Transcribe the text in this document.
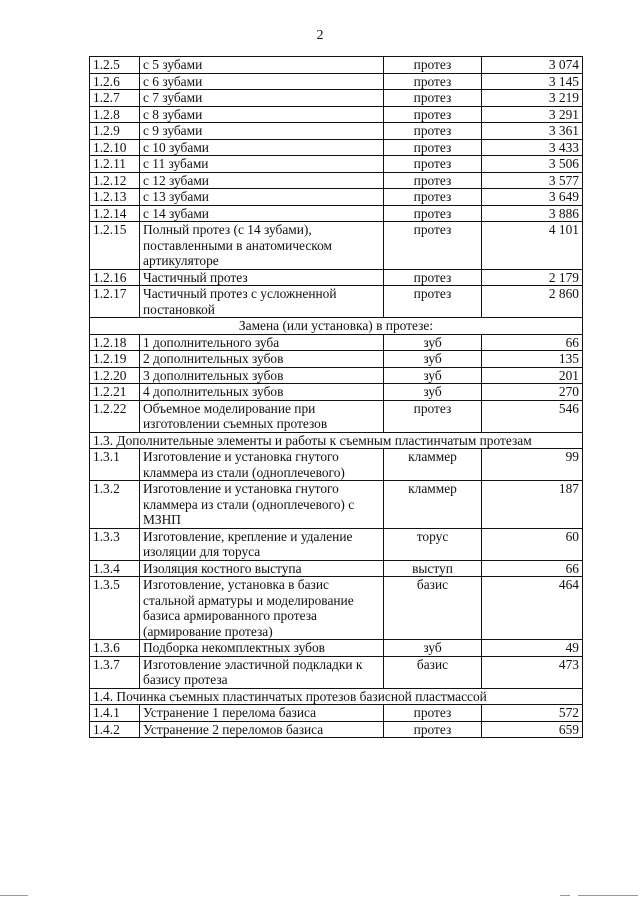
2
1.2.5	с 5 зубами	протез	3 074
1.2.6	с 6 зубами	протез	3 145
1.2.7	с 7 зубами	протез	3 219
1.2.8	с 8 зубами	протез	3 291
1.2.9	с 9 зубами	протез	3 361
1.2.10	с 10 зубами	протез	3 433
1.2.11	с 11 зубами	протез	3 506
1.2.12	с 12 зубами	протез	3 577
1.2.13	с 13 зубами	протез	3 649
1.2.14	с 14 зубами	протез	3 886
1.2.15	Полный протез (с 14 зубами), поставленными в анатомическом артикуляторе	протез	4 101
1.2.16	Частичный протез	протез	2 179
1.2.17	Частичный протез с усложненной постановкой	протез	2 860
Замена (или установка) в протезе:			
1.2.18	1 дополнительного зуба	зуб	66
1.2.19	2 дополнительных зубов	зуб	135
1.2.20	3 дополнительных зубов	зуб	201
1.2.21	4 дополнительных зубов	зуб	270
1.2.22	Объемное моделирование при изготовлении съемных протезов	протез	546
1.3. Дополнительные элементы и работы к съемным пластинчатым протезам			
1.3.1	Изготовление и установка гнутого кламмера из стали (одноплечевого)	кламмер	99
1.3.2	Изготовление и установка гнутого кламмера из стали (одноплечевого) с МЗНП	кламмер	187
1.3.3	Изготовление, крепление и удаление изоляции для торуса	торус	60
1.3.4	Изоляция костного выступа	выступ	66
1.3.5	Изготовление, установка в базис стальной арматуры и моделирование базиса армированного протеза (армирование протеза)	базис	464
1.3.6	Подборка некомплектных зубов	зуб	49
1.3.7	Изготовление эластичной подкладки к базису протеза	базис	473
1.4. Починка съемных пластинчатых протезов базисной пластмассой			
1.4.1	Устранение 1 перелома базиса	протез	572
1.4.2	Устранение 2 переломов базиса	протез	659
